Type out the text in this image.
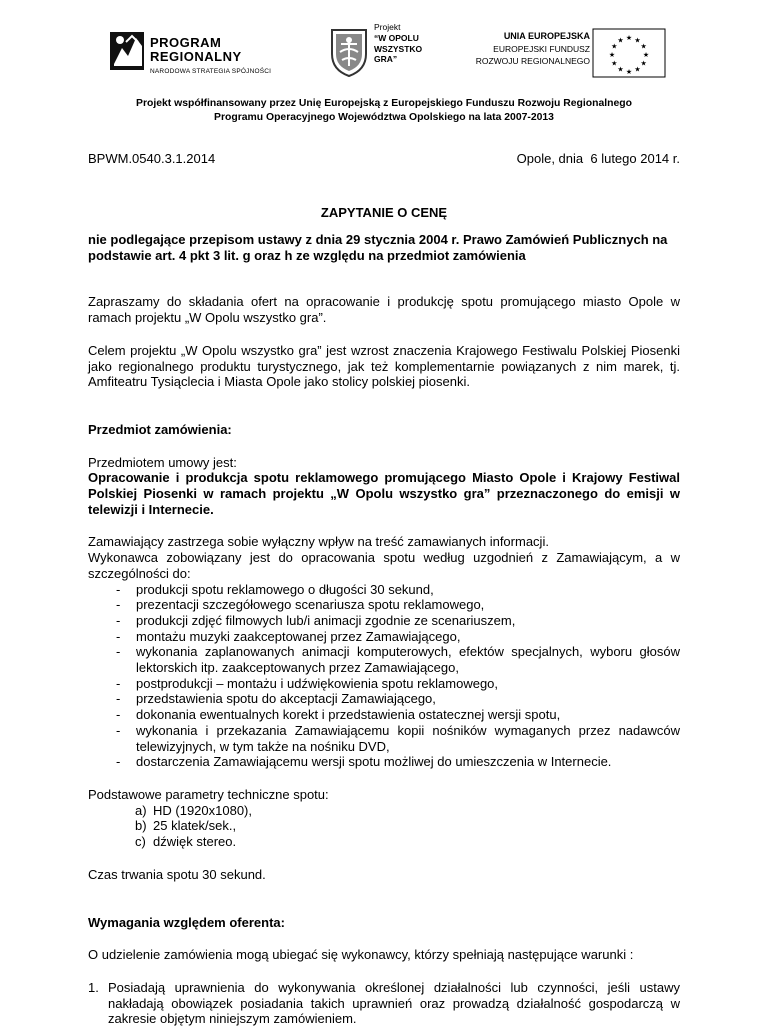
PROGRAM
REGIONALNY
NARODOWA STRATEGIA SPÓJNOŚCI
Projekt
“W OPOLU WSZYSTKO GRA”
UNIA EUROPEJSKA
EUROPEJSKI FUNDUSZ
ROZWOJU REGIONALNEGO
★ ★
★
★
★
★
★
★
★
★
★
★
Projekt współfinansowany przez Unię Europejską z Europejskiego Funduszu Rozwoju Regionalnego
Programu Operacyjnego Województwa Opolskiego na lata 2007-2013
BPWM.0540.3.1.2014	Opole, dnia  6 lutego 2014 r.
ZAPYTANIE O CENĘ

nie podlegające przepisom ustawy z dnia 29 stycznia 2004 r. Prawo Zamówień Publicznych na podstawie art. 4 pkt 3 lit. g oraz h ze względu na przedmiot zamówienia

Zapraszamy do składania ofert na opracowanie i produkcję spotu promującego miasto Opole w ramach projektu „W Opolu wszystko gra”.

Celem projektu „W Opolu wszystko gra” jest wzrost znaczenia Krajowego Festiwalu Polskiej Piosenki jako regionalnego produktu turystycznego, jak też komplementarnie powiązanych z nim marek, tj. Amfiteatru Tysiąclecia i Miasta Opole jako stolicy polskiej piosenki.

Przedmiot zamówienia:

Przedmiotem umowy jest:

Opracowanie i produkcja spotu reklamowego promującego Miasto Opole i Krajowy Festiwal Polskiej Piosenki w ramach projektu „W Opolu wszystko gra” przeznaczonego do emisji w telewizji i Internecie.

Zamawiający zastrzega sobie wyłączny wpływ na treść zamawianych informacji.

Wykonawca zobowiązany jest do opracowania spotu według uzgodnień z Zamawiającym, a w szczególności do:

- produkcji spotu reklamowego o długości 30 sekund,
- prezentacji szczegółowego scenariusza spotu reklamowego,
- produkcji zdjęć filmowych lub/i animacji zgodnie ze scenariuszem,
- montażu muzyki zaakceptowanej przez Zamawiającego,
- wykonania zaplanowanych animacji komputerowych, efektów specjalnych, wyboru głosów lektorskich itp. zaakceptowanych przez Zamawiającego,
- postprodukcji – montażu i udźwiękowienia spotu reklamowego,
- przedstawienia spotu do akceptacji Zamawiającego,
- dokonania ewentualnych korekt i przedstawienia ostatecznej wersji spotu,
- wykonania i przekazania Zamawiającemu kopii nośników wymaganych przez nadawców telewizyjnych, w tym także na nośniku DVD,
- dostarczenia Zamawiającemu wersji spotu możliwej do umieszczenia w Internecie.

Podstawowe parametry techniczne spotu:

a) HD (1920x1080),
b) 25 klatek/sek.,
c) dźwięk stereo.

Czas trwania spotu 30 sekund.

Wymagania względem oferenta:

O udzielenie zamówienia mogą ubiegać się wykonawcy, którzy spełniają następujące warunki :

1. Posiadają uprawnienia do wykonywania określonej działalności lub czynności, jeśli ustawy nakładają obowiązek posiadania takich uprawnień oraz prowadzą działalność gospodarczą w zakresie objętym niniejszym zamówieniem.
